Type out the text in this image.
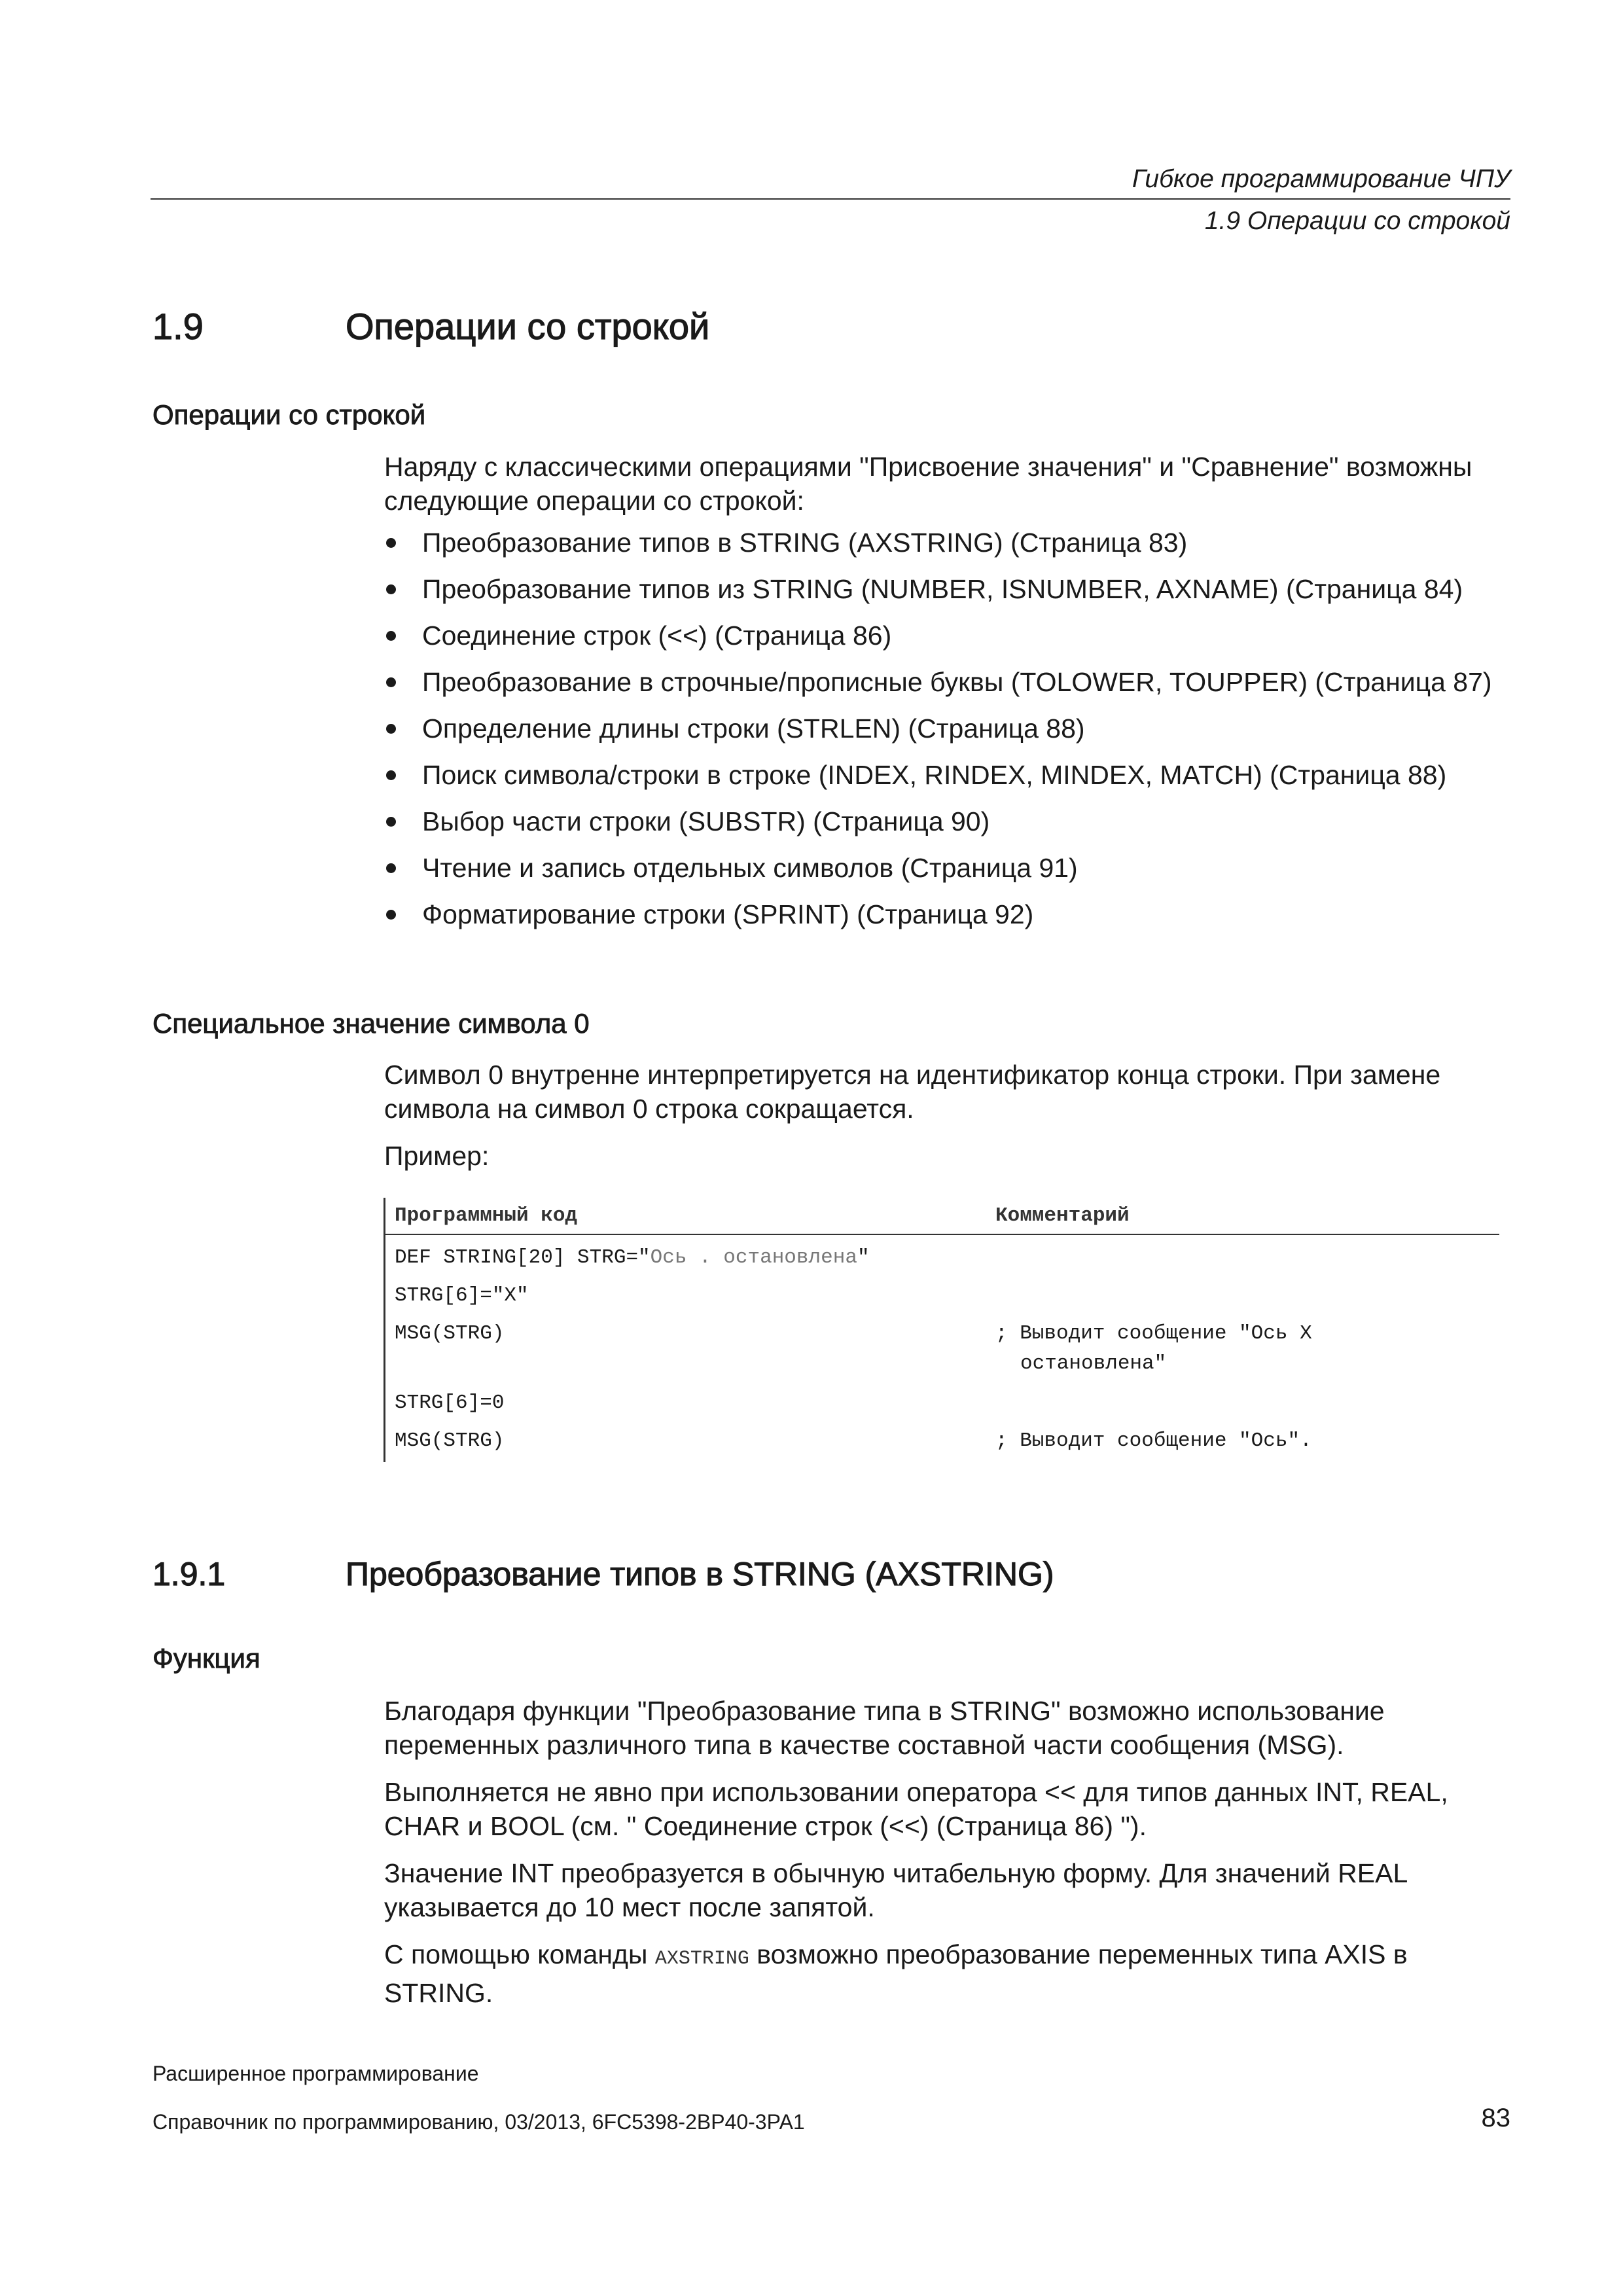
Гибкое программирование ЧПУ
1.9 Операции со строкой
1.9	Операции со строкой
Операции со строкой
Наряду с классическими операциями "Присвоение значения" и "Сравнение" возможны следующие операции со строкой:
Преобразование типов в STRING (AXSTRING) (Страница 83)
Преобразование типов из STRING (NUMBER, ISNUMBER, AXNAME) (Страница 84)
Соединение строк (<<) (Страница 86)
Преобразование в строчные/прописные буквы (TOLOWER, TOUPPER) (Страница 87)
Определение длины строки (STRLEN) (Страница 88)
Поиск символа/строки в строке (INDEX, RINDEX, MINDEX, MATCH) (Страница 88)
Выбор части строки (SUBSTR) (Страница 90)
Чтение и запись отдельных символов (Страница 91)
Форматирование строки (SPRINT) (Страница 92)
Специальное значение символа 0
Символ 0 внутренне интерпретируется на идентификатор конца строки. При замене символа на символ 0 строка сокращается.
Пример:
Программный код	Комментарий
DEF STRING[20] STRG="Ось . остановлена"
STRG[6]="X"
MSG(STRG)	; Выводит сообщение "Ось X
остановлена"
STRG[6]=0
MSG(STRG)	; Выводит сообщение "Ось".
1.9.1	Преобразование типов в STRING (AXSTRING)
Функция
Благодаря функции "Преобразование типа в STRING" возможно использование переменных различного типа в качестве составной части сообщения (MSG).
Выполняется не явно при использовании оператора << для типов данных INT, REAL, CHAR и BOOL (см. " Соединение строк (<<) (Страница 86) ").
Значение INT преобразуется в обычную читабельную форму. Для значений REAL указывается до 10 мест после запятой.
С помощью команды AXSTRING возможно преобразование переменных типа AXIS в STRING.
Расширенное программирование
Справочник по программированию, 03/2013, 6FC5398-2BP40-3PA1	83
